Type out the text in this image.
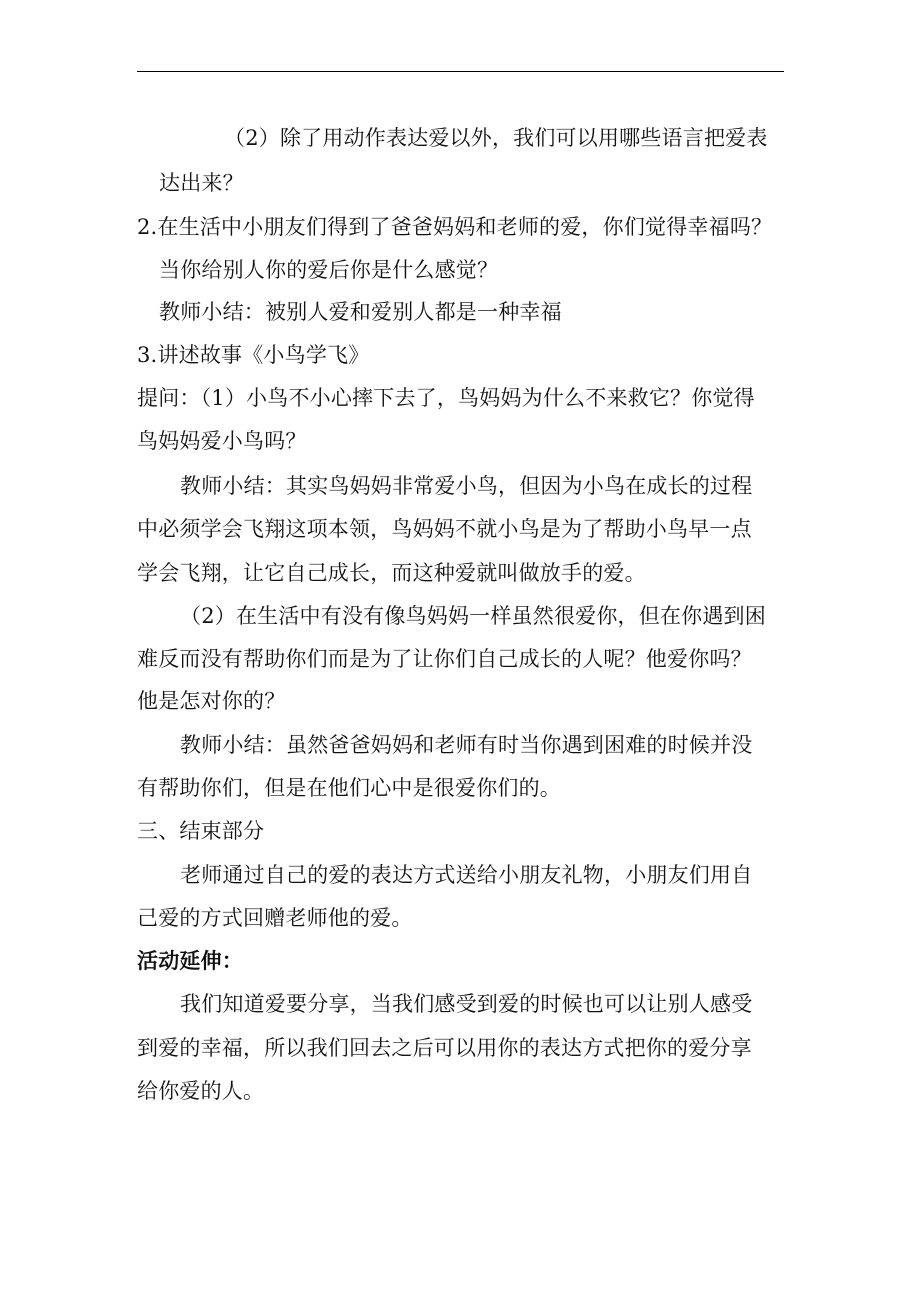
（2）除了用动作表达爱以外，我们可以用哪些语言把爱表
达出来？
2.在生活中小朋友们得到了爸爸妈妈和老师的爱，你们觉得幸福吗？
当你给别人你的爱后你是什么感觉？
教师小结：被别人爱和爱别人都是一种幸福
3.讲述故事《小鸟学飞》
提问：（1）小鸟不小心摔下去了，鸟妈妈为什么不来救它？你觉得
鸟妈妈爱小鸟吗？
教师小结：其实鸟妈妈非常爱小鸟，但因为小鸟在成长的过程
中必须学会飞翔这项本领，鸟妈妈不就小鸟是为了帮助小鸟早一点
学会飞翔，让它自己成长，而这种爱就叫做放手的爱。
（2）在生活中有没有像鸟妈妈一样虽然很爱你，但在你遇到困
难反而没有帮助你们而是为了让你们自己成长的人呢？他爱你吗？
他是怎对你的？
教师小结：虽然爸爸妈妈和老师有时当你遇到困难的时候并没
有帮助你们，但是在他们心中是很爱你们的。
三、结束部分
老师通过自己的爱的表达方式送给小朋友礼物，小朋友们用自
己爱的方式回赠老师他的爱。
活动延伸：
我们知道爱要分享，当我们感受到爱的时候也可以让别人感受
到爱的幸福，所以我们回去之后可以用你的表达方式把你的爱分享
给你爱的人。
